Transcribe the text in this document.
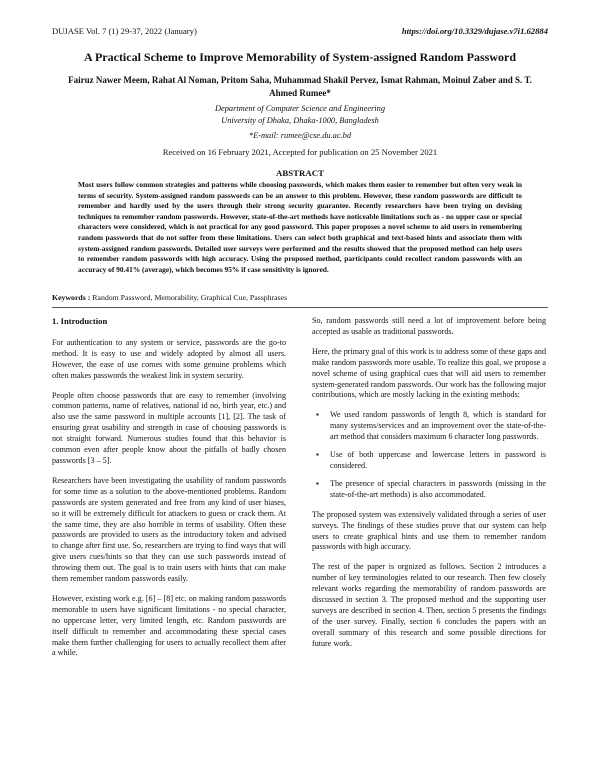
DUJASE Vol. 7 (1) 29-37, 2022 (January)	https://doi.org/10.3329/dujase.v7i1.62884
A Practical Scheme to Improve Memorability of System-assigned Random Password
Fairuz Nawer Meem, Rahat Al Noman, Pritom Saha, Muhammad Shakil Pervez, Ismat Rahman, Moinul Zaber and S. T. Ahmed Rumee*
Department of Computer Science and Engineering
University of Dhaka, Dhaka-1000, Bangladesh
*E-mail: rumee@cse.du.ac.bd
Received on 16 February 2021, Accepted for publication on 25 November 2021
ABSTRACT
Most users follow common strategies and patterns while choosing passwords, which makes them easier to remember but often very weak in terms of security. System-assigned random passwords can be an answer to this problem. However, these random passwords are difficult to remember and hardly used by the users through their strong security guarantee. Recently researchers have been trying on devising techniques to remember random passwords. However, state-of-the-art methods have noticeable limitations such as - no upper case or special characters were considered, which is not practical for any good password. This paper proposes a novel scheme to aid users in remembering random passwords that do not suffer from these limitations. Users can select both graphical and text-based hints and associate them with system-assigned random passwords. Detailed user surveys were performed and the results showed that the proposed method can help users to remember random passwords with high accuracy. Using the proposed method, participants could recollect random passwords with an accuracy of 90.41% (average), which becomes 95% if case sensitivity is ignored.
Keywords : Random Password, Memorability, Graphical Cue, Passphrases
1. Introduction

For authentication to any system or service, passwords are the go-to method. It is easy to use and widely adopted by almost all users. However, the ease of use comes with some genuine problems which often makes passwords the weakest link in system security.

People often choose passwords that are easy to remember (involving common patterns, name of relatives, national id no, birth year, etc.) and also use the same password in multiple accounts [1], [2]. The task of ensuring great usability and strength in case of choosing passwords is not straight forward. Numerous studies found that this behavior is common even after people know about the pitfalls of badly chosen passwords [3 – 5].

Researchers have been investigating the usability of random passwords for some time as a solution to the above-mentioned problems. Random passwords are system generated and free from any kind of user biases, so it will be extremely difficult for attackers to guess or crack them. At the same time, they are also horrible in terms of usability. Often these passwords are provided to users as the introductory token and advised to change after first use. So, researchers are trying to find ways that will give users cues/hints so that they can use such passwords instead of throwing them out. The goal is to train users with hints that can make them remember random passwords easily.

However, existing work e.g. [6] – [8] etc. on making random passwords memorable to users have significant limitations - no special character, no uppercase letter, very limited length, etc. Random passwords are itself difficult to remember and accommodating these special cases make them further challenging for users to actually recollect them after a while.

So, random passwords still need a lot of improvement before being accepted as usable as traditional passwords.

Here, the primary goal of this work is to address some of these gaps and make random passwords more usable. To realize this goal, we propose a novel scheme of using graphical cues that will aid users to remember system-generated random passwords. Our work has the following major contributions, which are mostly lacking in the existing methods:

▪ We used random passwords of length 8, which is standard for many systems/services and an improvement over the state-of-the-art method that considers maximum 6 character long passwords.
▪ Use of both uppercase and lowercase letters in password is considered.
▪ The presence of special characters in passwords (missing in the state-of-the-art methods) is also accommodated.

The proposed system was extensively validated through a series of user surveys. The findings of these studies prove that our system can help users to create graphical hints and use them to remember random passwords with high accuracy.

The rest of the paper is orgnized as follows. Section 2 introduces a number of key terminologies related to our research. Then few closely relevant works regarding the memorability of random passwords are discussed in section 3. The proposed method and the supporting user surveys are described in section 4. Then, section 5 presents the findings of the user survey. Finally, section 6 concludes the papers with an overall summary of this research and some possible directions for future work.
